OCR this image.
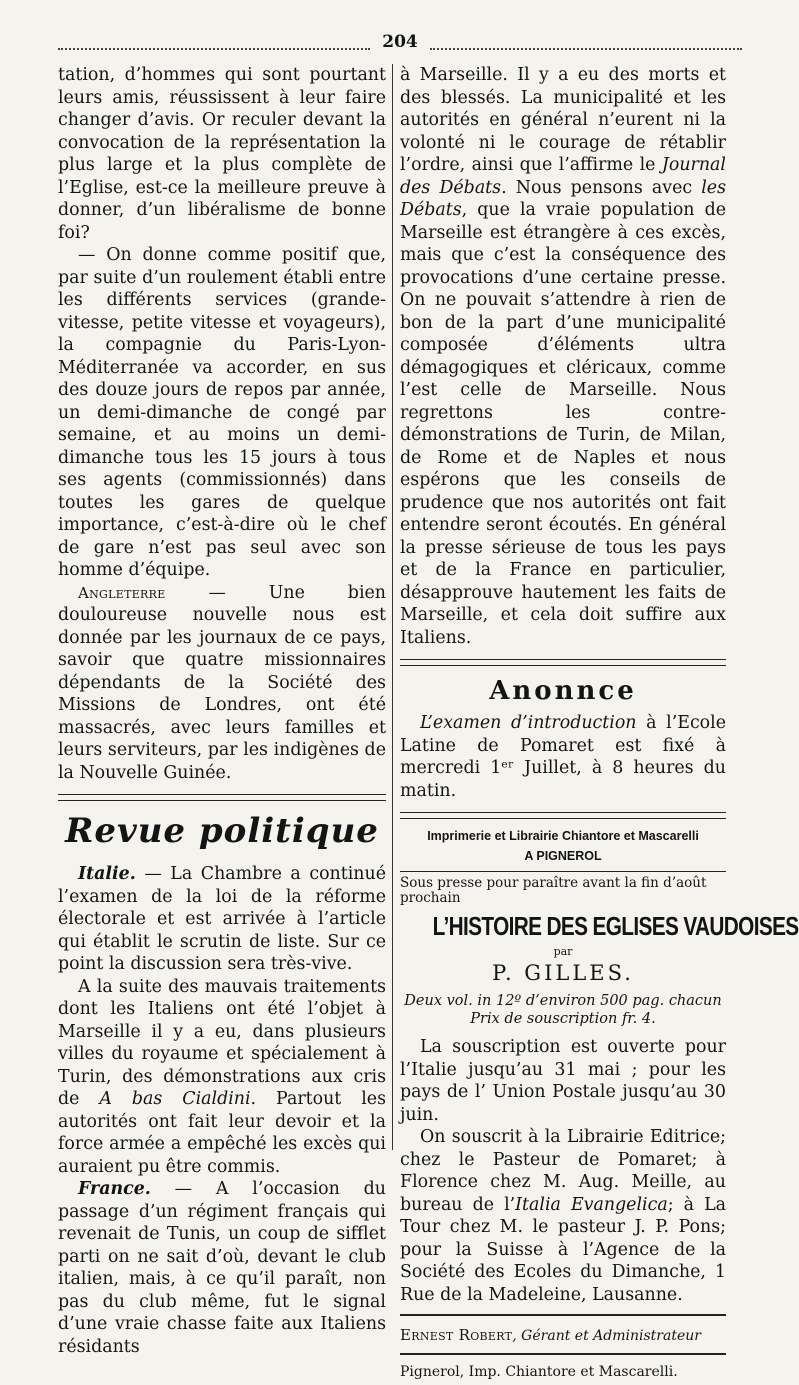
204

tation, d’hommes qui sont pourtant leurs amis, réussissent à leur faire changer d’avis. Or reculer devant la convocation de la représentation la plus large et la plus complète de l’Eglise, est-ce la meilleure preuve à donner, d’un libéralisme de bonne foi?

— On donne comme positif que, par suite d’un roulement établi entre les différents services (grande-vitesse, petite vitesse et voyageurs), la compagnie du Paris-Lyon-Méditerranée va accorder, en sus des douze jours de repos par année, un demi-dimanche de congé par semaine, et au moins un demi-dimanche tous les 15 jours à tous ses agents (commissionnés) dans toutes les gares de quelque importance, c’est-à-dire où le chef de gare n’est pas seul avec son homme d’équipe.

Angleterre — Une bien douloureuse nouvelle nous est donnée par les journaux de ce pays, savoir que quatre missionnaires dépendants de la Société des Missions de Londres, ont été massacrés, avec leurs familles et leurs serviteurs, par les indigènes de la Nouvelle Guinée.

Revue politique

Italie. — La Chambre a continué l’examen de la loi de la réforme électorale et est arrivée à l’article qui établit le scrutin de liste. Sur ce point la discussion sera très-vive.

A la suite des mauvais traitements dont les Italiens ont été l’objet à Marseille il y a eu, dans plusieurs villes du royaume et spécialement à Turin, des démonstrations aux cris de A bas Cialdini. Partout les autorités ont fait leur devoir et la force armée a empêché les excès qui auraient pu être commis.

France. — A l’occasion du passage d’un régiment français qui revenait de Tunis, un coup de sifflet parti on ne sait d’où, devant le club italien, mais, à ce qu’il paraît, non pas du club même, fut le signal d’une vraie chasse faite aux Italiens résidants

à Marseille. Il y a eu des morts et des blessés. La municipalité et les autorités en général n’eurent ni la volonté ni le courage de rétablir l’ordre, ainsi que l’affirme le Journal des Débats. Nous pensons avec les Débats, que la vraie population de Marseille est étrangère à ces excès, mais que c’est la conséquence des provocations d’une certaine presse. On ne pouvait s’attendre à rien de bon de la part d’une municipalité composée d’éléments ultra démagogiques et cléricaux, comme l’est celle de Marseille. Nous regrettons les contre-démonstrations de Turin, de Milan, de Rome et de Naples et nous espérons que les conseils de prudence que nos autorités ont fait entendre seront écoutés. En général la presse sérieuse de tous les pays et de la France en particulier, désapprouve hautement les faits de Marseille, et cela doit suffire aux Italiens.

Anonnce

L’examen d’introduction à l’Ecole Latine de Pomaret est fixé à mercredi 1ᵉʳ Juillet, à 8 heures du matin.

Imprimerie et Librairie Chiantore et Mascarelli
A PIGNEROL

Sous presse pour paraître avant la fin d’août prochain

L’HISTOIRE DES EGLISES VAUDOISES
par
P. GILLES.
Deux vol. in 12º d’environ 500 pag. chacun
Prix de souscription fr. 4.

La souscription est ouverte pour l’Italie jusqu’au 31 mai ; pour les pays de l’ Union Postale jusqu’au 30 juin.

On souscrit à la Librairie Editrice; chez le Pasteur de Pomaret; à Florence chez M. Aug. Meille, au bureau de l’Italia Evangelica; à La Tour chez M. le pasteur J. P. Pons; pour la Suisse à l’Agence de la Société des Ecoles du Dimanche, 1 Rue de la Madeleine, Lausanne.

Ernest Robert, Gérant et Administrateur
Pignerol, Imp. Chiantore et Mascarelli.
